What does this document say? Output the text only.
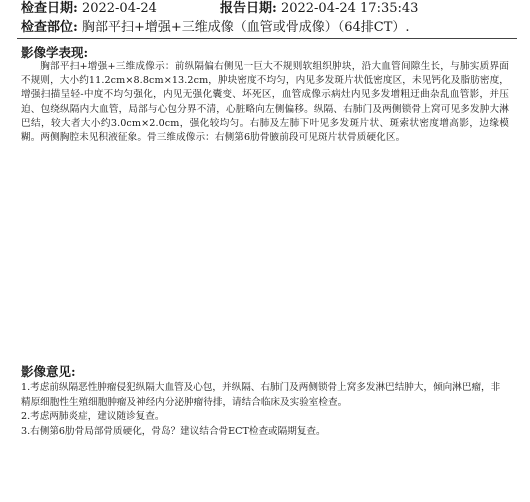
检查日期: 2022-04-24	报告日期: 2022-04-24 17:35:43
检查部位: 胸部平扫+增强+三维成像（血管或骨成像）（64排CT）.
影像学表现:
胸部平扫+增强+三维成像示：前纵隔偏右侧见一巨大不规则软组织肿块，沿大血管间隙生长，与肺实质界面不规则，大小约11.2cm×8.8cm×13.2cm，肿块密度不均匀，内见多发斑片状低密度区，未见钙化及脂肪密度，增强扫描呈轻-中度不均匀强化，内见无强化囊变、坏死区，血管成像示病灶内见多发增粗迂曲杂乱血管影，并压迫、包绕纵隔内大血管，局部与心包分界不清，心脏略向左侧偏移。纵隔、右肺门及两侧锁骨上窝可见多发肿大淋巴结，较大者大小约3.0cm×2.0cm，强化较均匀。右肺及左肺下叶见多发斑片状、斑索状密度增高影，边缘模糊。两侧胸腔未见积液征象。骨三维成像示：右侧第6肋骨腋前段可见斑片状骨质硬化区。
影像意见:

1.考虑前纵隔恶性肿瘤侵犯纵隔大血管及心包，并纵隔、右肺门及两侧锁骨上窝多发淋巴结肿大，倾向淋巴瘤，非精原细胞性生殖细胞肿瘤及神经内分泌肿瘤待排，请结合临床及实验室检查。

2.考虑两肺炎症，建议随诊复查。

3.右侧第6肋骨局部骨质硬化，骨岛？建议结合骨ECT检查或隔期复查。
